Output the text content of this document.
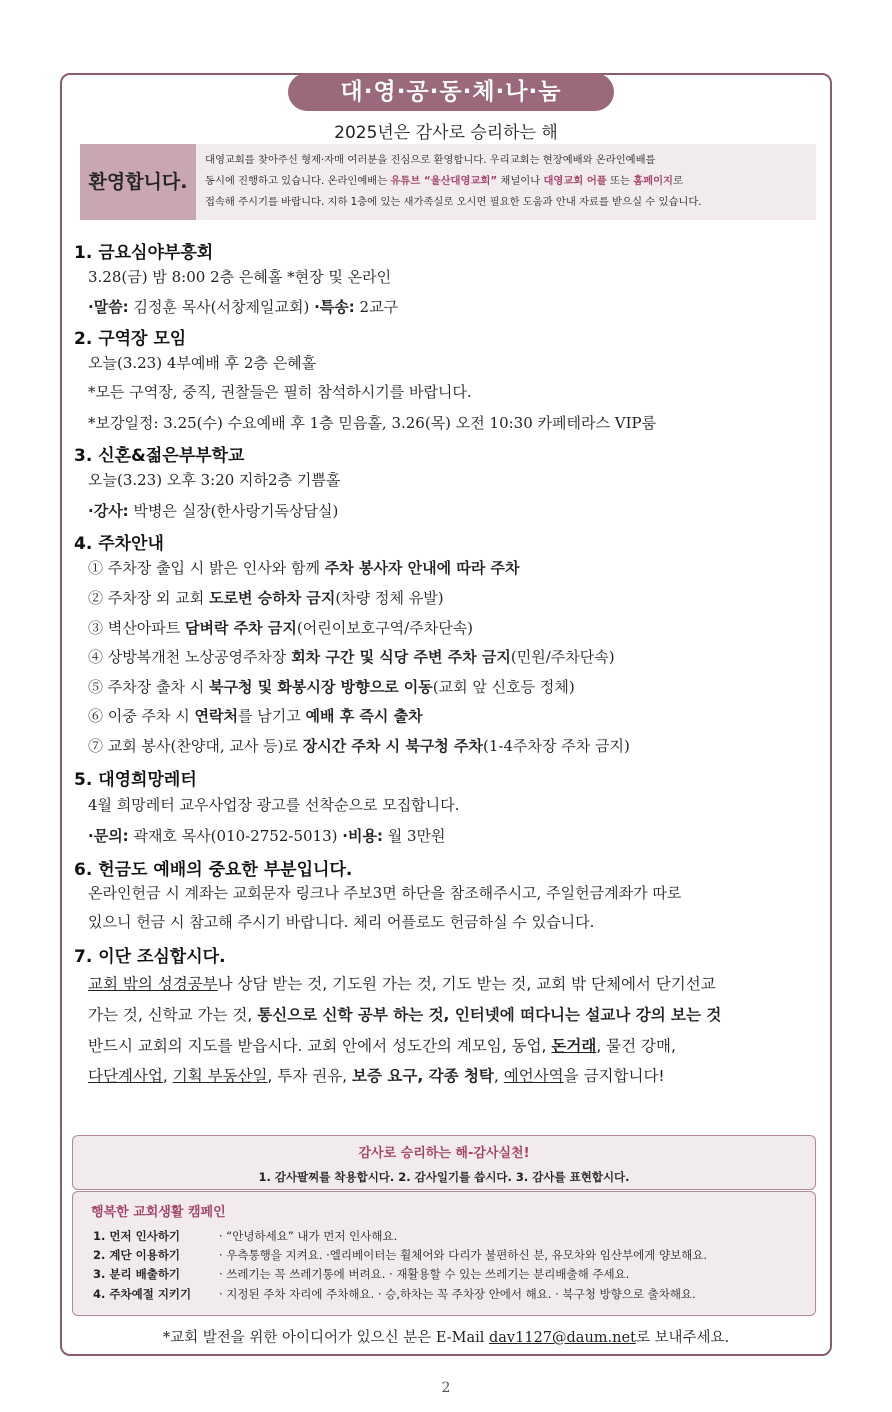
대·영·공·동·체·나·눔
2025년은 감사로 승리하는 해
환영합니다.
대영교회를 찾아주신 형제·자매 여러분을 진심으로 환영합니다. 우리교회는 현장예배와 온라인예배를
동시에 진행하고 있습니다. 온라인예배는 유튜브 “울산대영교회” 채널이나 대영교회 어플 또는 홈페이지로
접속해 주시기를 바랍니다. 지하 1층에 있는 새가족실로 오시면 필요한 도움과 안내 자료를 받으실 수 있습니다.
1. 금요심야부흥회
3.28(금) 밤 8:00 2층 은혜홀 *현장 및 온라인
·말씀: 김정훈 목사(서창제일교회) ·특송: 2교구
2. 구역장 모임
오늘(3.23) 4부예배 후 2층 은혜홀
*모든 구역장, 중직, 권찰들은 필히 참석하시기를 바랍니다.
*보강일정: 3.25(수) 수요예배 후 1층 믿음홀, 3.26(목) 오전 10:30 카페테라스 VIP룸
3. 신혼&젊은부부학교
오늘(3.23) 오후 3:20 지하2층 기쁨홀
·강사: 박병은 실장(한사랑기독상담실)
4. 주차안내
① 주차장 출입 시 밝은 인사와 함께 주차 봉사자 안내에 따라 주차
② 주차장 외 교회 도로변 승하차 금지(차량 정체 유발)
③ 벽산아파트 담벼락 주차 금지(어린이보호구역/주차단속)
④ 상방복개천 노상공영주차장 회차 구간 및 식당 주변 주차 금지(민원/주차단속)
⑤ 주차장 출차 시 북구청 및 화봉시장 방향으로 이동(교회 앞 신호등 정체)
⑥ 이중 주차 시 연락처를 남기고 예배 후 즉시 출차
⑦ 교회 봉사(찬양대, 교사 등)로 장시간 주차 시 북구청 주차(1-4주차장 주차 금지)
5. 대영희망레터
4월 희망레터 교우사업장 광고를 선착순으로 모집합니다.
·문의: 곽재호 목사(010-2752-5013) ·비용: 월 3만원
6. 헌금도 예배의 중요한 부분입니다.
온라인헌금 시 계좌는 교회문자 링크나 주보3면 하단을 참조해주시고, 주일헌금계좌가 따로
있으니 헌금 시 참고해 주시기 바랍니다. 체리 어플로도 헌금하실 수 있습니다.
7. 이단 조심합시다.
교회 밖의 성경공부나 상담 받는 것, 기도원 가는 것, 기도 받는 것, 교회 밖 단체에서 단기선교
가는 것, 신학교 가는 것, 통신으로 신학 공부 하는 것, 인터넷에 떠다니는 설교나 강의 보는 것
반드시 교회의 지도를 받읍시다. 교회 안에서 성도간의 계모임, 동업, 돈거래, 물건 강매,
다단계사업, 기획 부동산일, 투자 권유, 보증 요구, 각종 청탁, 예언사역을 금지합니다!
감사로 승리하는 해-감사실천!
1. 감사팔찌를 착용합시다. 2. 감사일기를 씁시다. 3. 감사를 표현합시다.
행복한 교회생활 캠페인
1. 먼저 인사하기	· “안녕하세요” 내가 먼저 인사해요.
2. 계단 이용하기	· 우측통행을 지켜요. ·엘리베이터는 휠체어와 다리가 불편하신 분, 유모차와 임산부에게 양보해요.
3. 분리 배출하기	· 쓰레기는 꼭 쓰레기통에 버려요. · 재활용할 수 있는 쓰레기는 분리배출해 주세요.
4. 주차예절 지키기 · 지정된 주차 자리에 주차해요. · 승,하차는 꼭 주차장 안에서 해요. · 북구청 방향으로 출차해요.
*교회 발전을 위한 아이디어가 있으신 분은 E-Mail dav1127@daum.net로 보내주세요.
2
